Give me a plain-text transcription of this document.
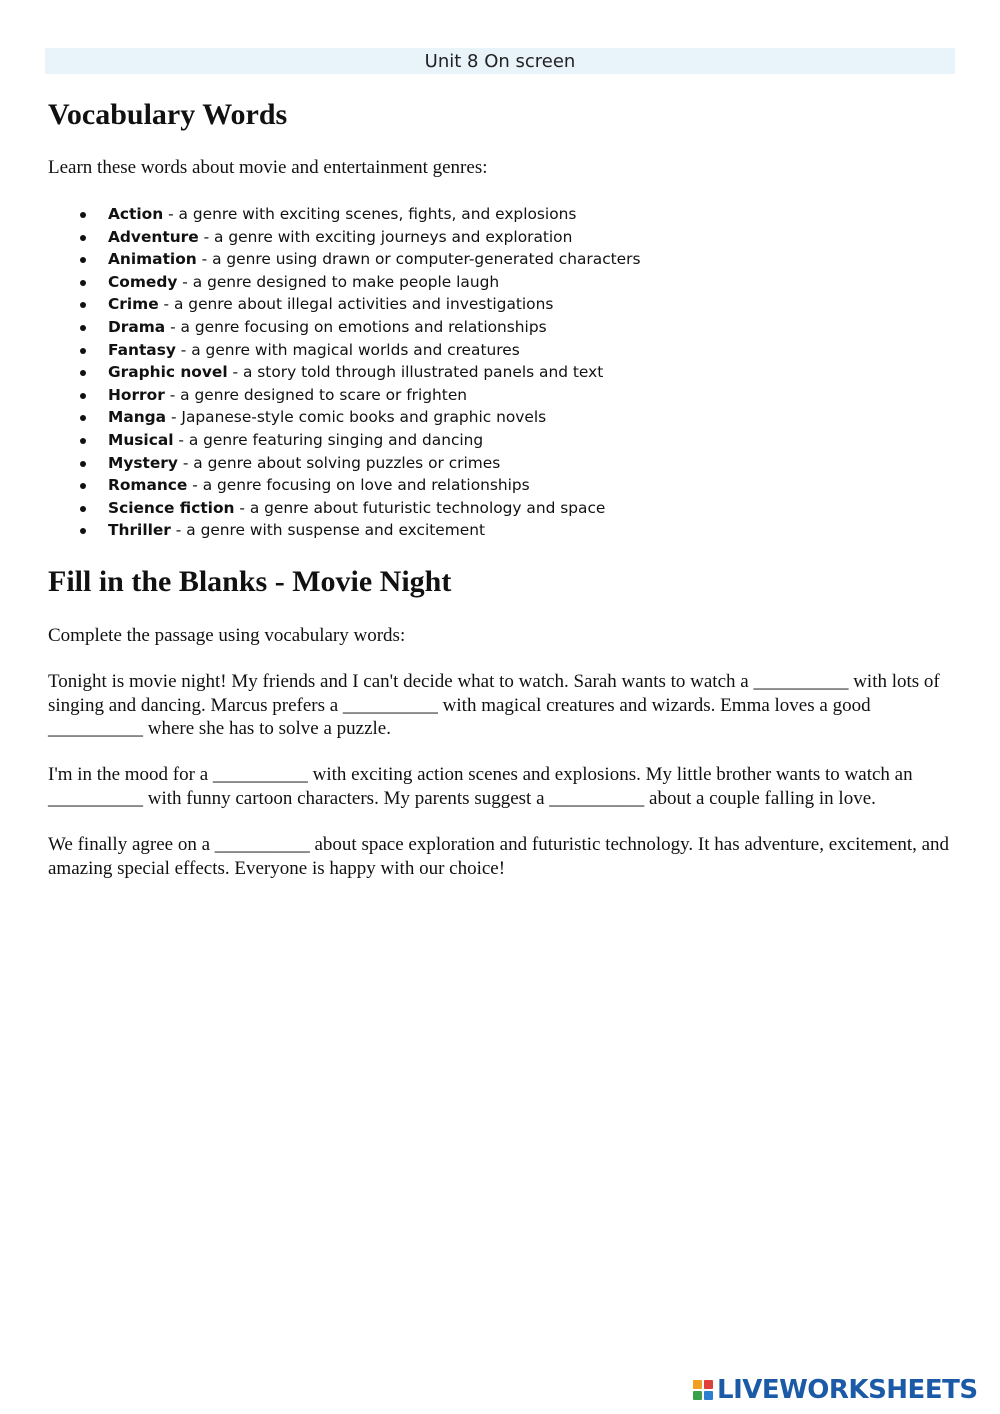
Unit 8 On screen
Vocabulary Words

Learn these words about movie and entertainment genres:

Action - a genre with exciting scenes, fights, and explosions
Adventure - a genre with exciting journeys and exploration
Animation - a genre using drawn or computer-generated characters
Comedy - a genre designed to make people laugh
Crime - a genre about illegal activities and investigations
Drama - a genre focusing on emotions and relationships
Fantasy - a genre with magical worlds and creatures
Graphic novel - a story told through illustrated panels and text
Horror - a genre designed to scare or frighten
Manga - Japanese-style comic books and graphic novels
Musical - a genre featuring singing and dancing
Mystery - a genre about solving puzzles or crimes
Romance - a genre focusing on love and relationships
Science fiction - a genre about futuristic technology and space
Thriller - a genre with suspense and excitement
Fill in the Blanks - Movie Night

Complete the passage using vocabulary words:

Tonight is movie night! My friends and I can't decide what to watch. Sarah wants to watch a __________ with lots of singing and dancing. Marcus prefers a __________ with magical creatures and wizards. Emma loves a good __________ where she has to solve a puzzle.

I'm in the mood for a __________ with exciting action scenes and explosions. My little brother wants to watch an __________ with funny cartoon characters. My parents suggest a __________ about a couple falling in love.

We finally agree on a __________ about space exploration and futuristic technology. It has adventure, excitement, and amazing special effects. Everyone is happy with our choice!

LIVEWORKSHEETS
